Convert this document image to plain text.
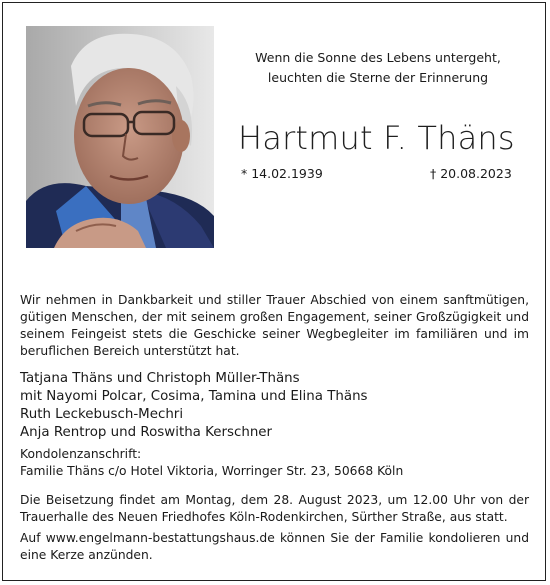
Wenn die Sonne des Lebens untergeht,
leuchten die Sterne der Erinnerung
Hartmut F. Thäns
* 14.02.1939	† 20.08.2023
Wir nehmen in Dankbarkeit und stiller Trauer Abschied von einem sanftmütigen, gütigen Menschen, der mit seinem großen Engagement, seiner Großzügigkeit und seinem Feingeist stets die Geschicke seiner Wegbegleiter im familiären und im beruflichen Bereich unterstützt hat.
Tatjana Thäns und Christoph Müller-Thäns
mit Nayomi Polcar, Cosima, Tamina und Elina Thäns
Ruth Leckebusch-Mechri
Anja Rentrop und Roswitha Kerschner
Kondolenzanschrift:
Familie Thäns c/o Hotel Viktoria, Worringer Str. 23, 50668 Köln
Die Beisetzung findet am Montag, dem 28. August 2023, um 12.00 Uhr von der Trauerhalle des Neuen Friedhofes Köln-Rodenkirchen, Sürther Straße, aus statt.
Auf www.engelmann-bestattungshaus.de können Sie der Familie kondolieren und eine Kerze anzünden.
